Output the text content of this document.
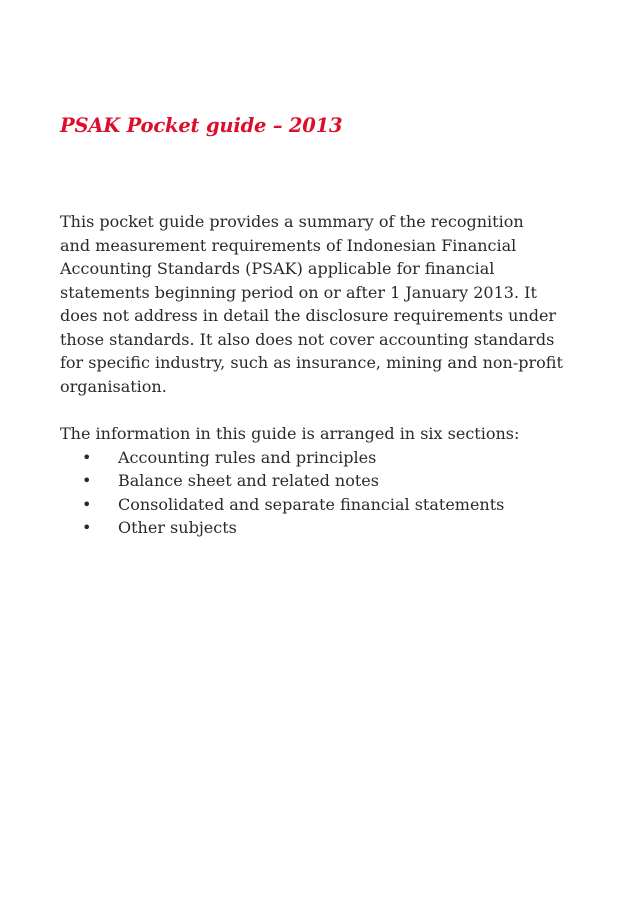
PSAK Pocket guide – 2013

This pocket guide provides a summary of the recognition
and measurement requirements of Indonesian Financial
Accounting Standards (PSAK) applicable for financial
statements beginning period on or after 1 January 2013. It
does not address in detail the disclosure requirements under
those standards. It also does not cover accounting standards
for specific industry, such as insurance, mining and non-profit
organisation.

The information in this guide is arranged in six sections:

• Accounting rules and principles
• Balance sheet and related notes
• Consolidated and separate financial statements
• Other subjects
